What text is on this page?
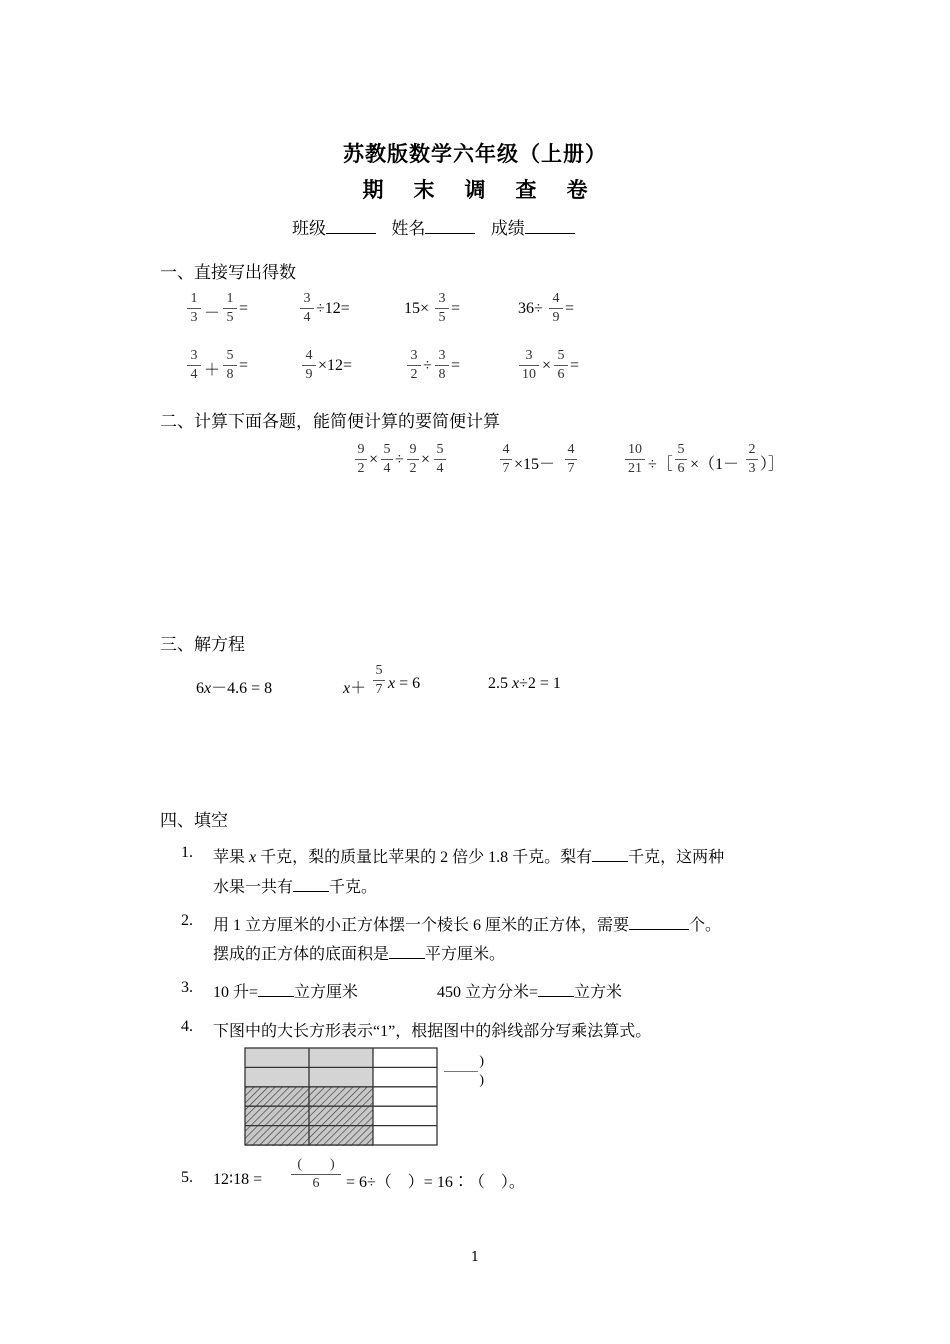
苏教版数学六年级（上册）
期末调查卷
班级	姓名	成绩
一、直接写出得数
1
3 －
1
5
=
3
4
÷12=	15×
3
5
=	36÷
4
9
=
3
4 ＋
5
8
=
4
9
×12=
3
2
÷
3
8
=
3
10
×
5
6
=
二、计算下面各题，能简便计算的要简便计算
9
2
×
5
4
÷
9
2
×
5
4
4
7 ×15－
4
7
10
21 ÷［
5
6 ×（1－
2
3 ）］
三、解方程
6x－4.6 = 8	x＋
5
7 x = 6	2.5 x÷2 = 1
四、填空
1. 苹果 x 千克，梨的质量比苹果的 2 倍少 1.8 千克。梨有 千克，这两种
水果一共有 千克。
2. 用 1 立方厘米的小正方体摆一个棱长 6 厘米的正方体，需要	个。
摆成的正方体的底面积是 平方厘米。
3. 10 升= 立方厘米	450 立方分米= 立方米
4. 下图中的大长方形表示“1”，根据图中的斜线部分写乘法算式。
)
)
5. 12∶18 =
(　　)
6	= 6÷（　）= 16∶（　）。
1
